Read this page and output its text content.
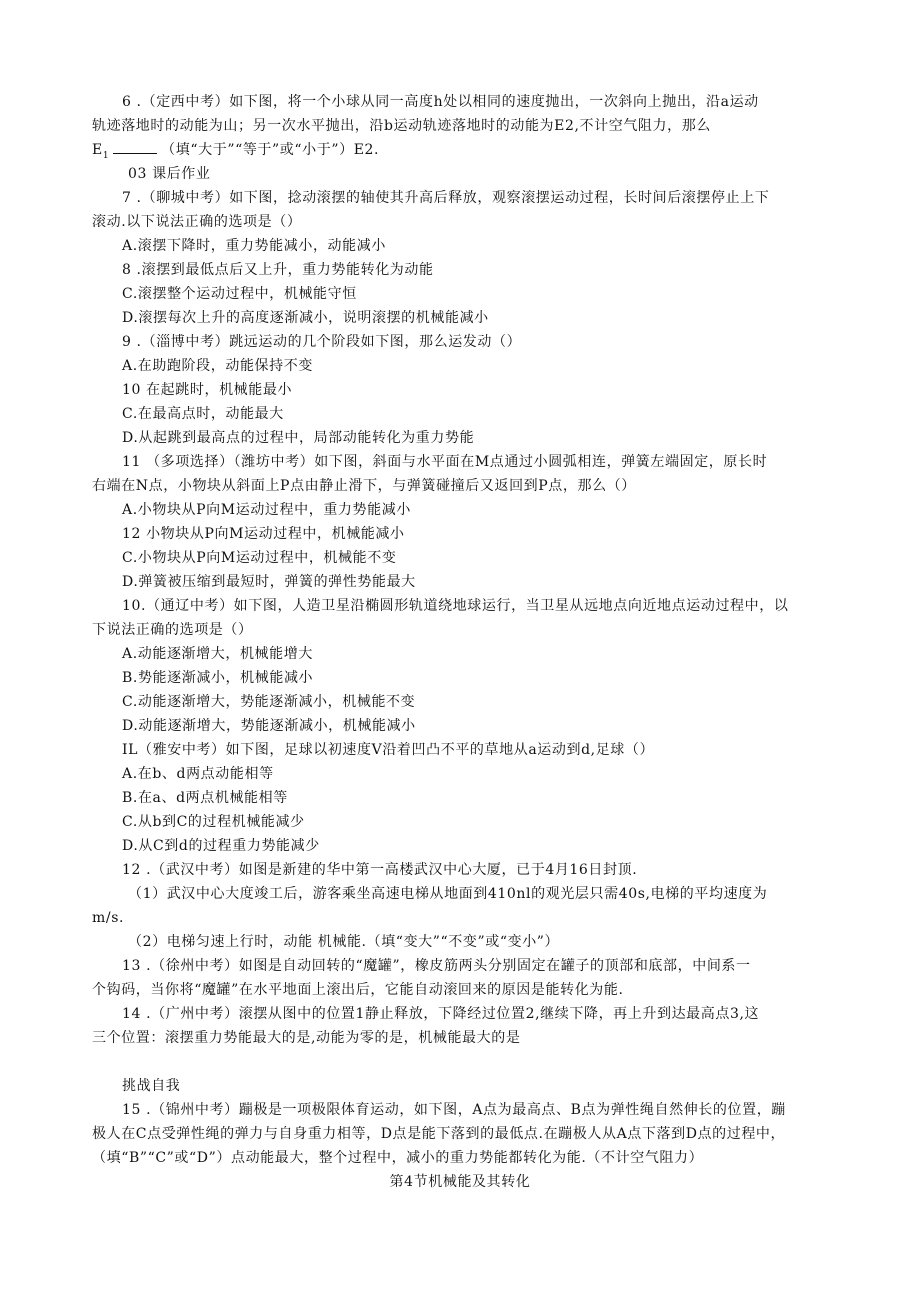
6 .（定西中考）如下图，将一个小球从同一高度h处以相同的速度抛出，一次斜向上抛出，沿a运动
轨迹落地时的动能为山；另一次水平抛出，沿b运动轨迹落地时的动能为E2,不计空气阻力，那么
$E_1$	（填“大于”“等于”或“小于”）E2.
03 课后作业
7 .（聊城中考）如下图，捻动滚摆的轴使其升高后释放，观察滚摆运动过程，长时间后滚摆停止上下
滚动.以下说法正确的选项是（）
A.滚摆下降时，重力势能减小，动能减小
8 .滚摆到最低点后又上升，重力势能转化为动能
C.滚摆整个运动过程中，机械能守恒
D.滚摆每次上升的高度逐渐减小，说明滚摆的机械能减小
9 .（淄博中考）跳远运动的几个阶段如下图，那么运发动（）
A.在助跑阶段，动能保持不变
10 在起跳时，机械能最小
C.在最高点时，动能最大
D.从起跳到最高点的过程中，局部动能转化为重力势能
11 （多项选择）（潍坊中考）如下图，斜面与水平面在M点通过小圆弧相连，弹簧左端固定，原长时
右端在N点，小物块从斜面上P点由静止滑下，与弹簧碰撞后又返回到P点，那么（）
A.小物块从P向M运动过程中，重力势能减小
12 小物块从P向M运动过程中，机械能减小
C.小物块从P向M运动过程中，机械能不变
D.弹簧被压缩到最短时，弹簧的弹性势能最大
10.（通辽中考）如下图，人造卫星沿椭圆形轨道绕地球运行，当卫星从远地点向近地点运动过程中，以
下说法正确的选项是（）
A.动能逐渐增大，机械能增大
B.势能逐渐减小，机械能减小
C.动能逐渐增大，势能逐渐减小，机械能不变
D.动能逐渐增大，势能逐渐减小，机械能减小
IL（雅安中考）如下图，足球以初速度V沿着凹凸不平的草地从a运动到d,足球（）
A.在b、d两点动能相等
B.在a、d两点机械能相等
C.从b到C的过程机械能减少
D.从C到d的过程重力势能减少
12 .（武汉中考）如图是新建的华中第一高楼武汉中心大厦，已于4月16日封顶.
（1）武汉中心大度竣工后，游客乘坐高速电梯从地面到410nl的观光层只需40s,电梯的平均速度为
m/s.
（2）电梯匀速上行时，动能 机械能.（填“变大”“不变”或“变小”）
13 .（徐州中考）如图是自动回转的“魔罐”，橡皮筋两头分别固定在罐子的顶部和底部，中间系一
个钩码，当你将“魔罐”在水平地面上滚出后，它能自动滚回来的原因是能转化为能.
14 .（广州中考）滚摆从图中的位置1静止释放，下降经过位置2,继续下降，再上升到达最高点3,这
三个位置：滚摆重力势能最大的是,动能为零的是，机械能最大的是
挑战自我
15 .（锦州中考）蹦极是一项极限体育运动，如下图，A点为最高点、B点为弹性绳自然伸长的位置，蹦
极人在C点受弹性绳的弹力与自身重力相等，D点是能下落到的最低点.在蹦极人从A点下落到D点的过程中，
（填“B”“C”或“D”）点动能最大，整个过程中，减小的重力势能都转化为能.（不计空气阻力）
第4节机械能及其转化
